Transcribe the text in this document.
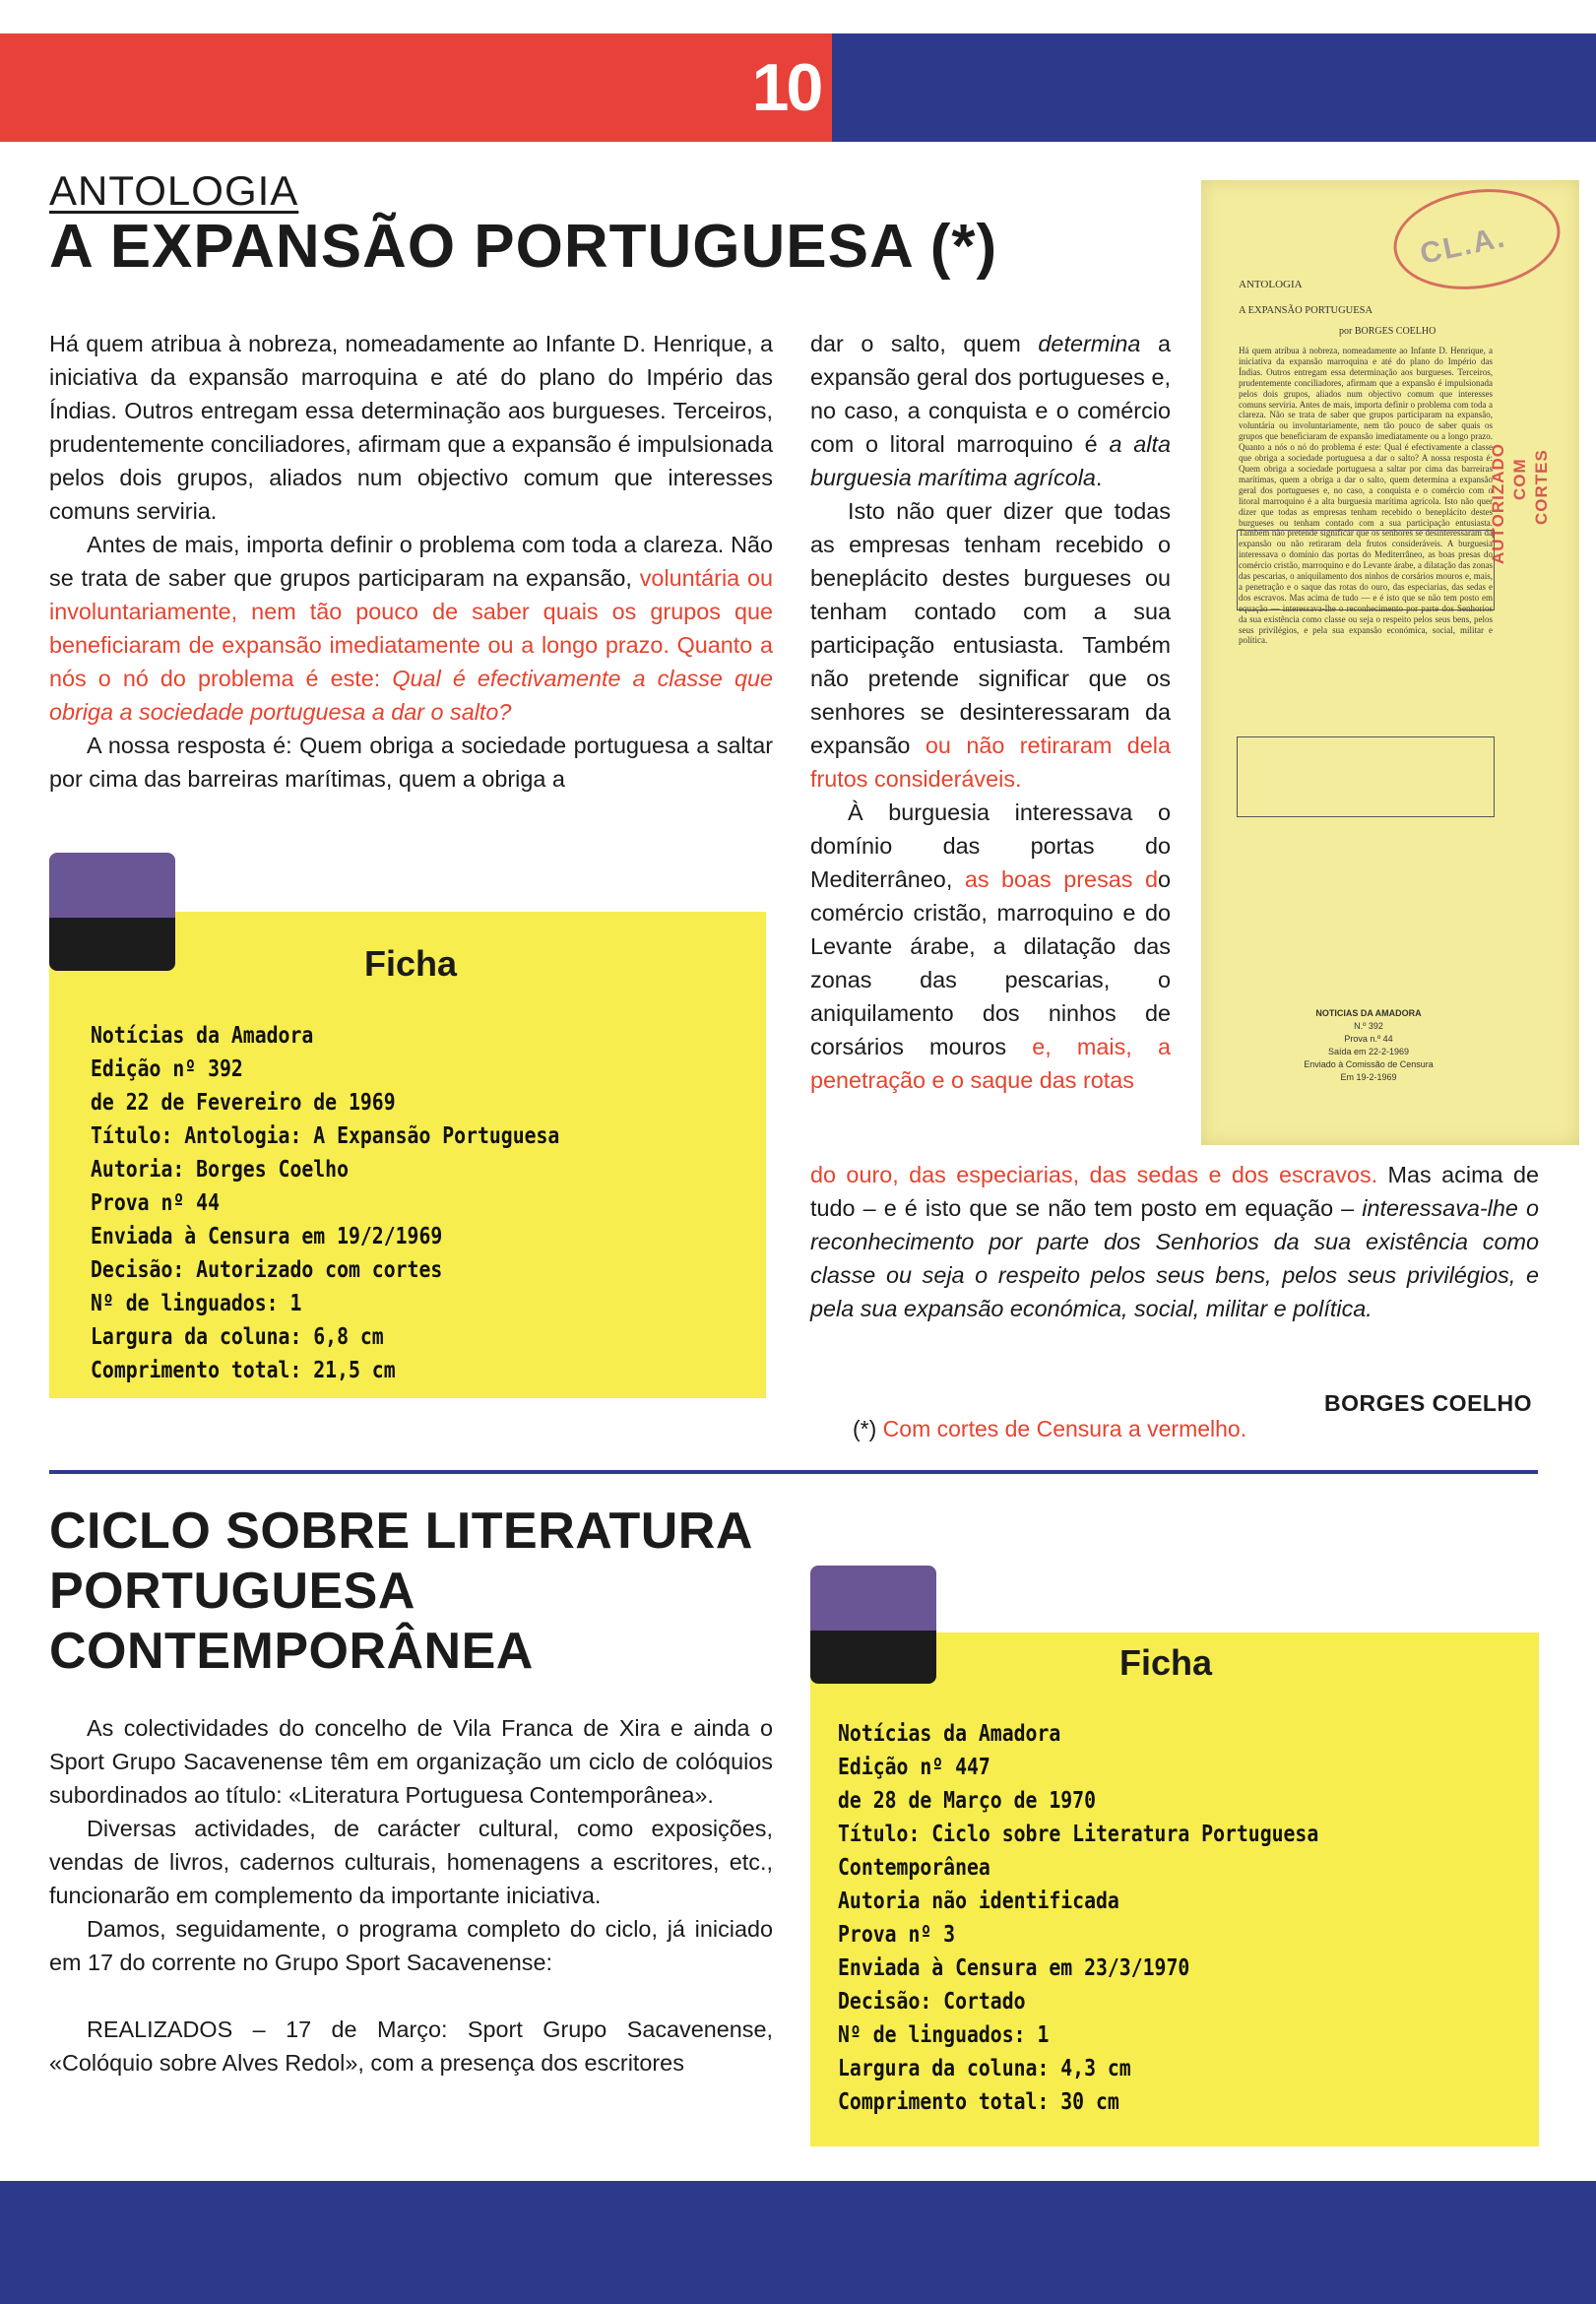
10
ANTOLOGIA
A EXPANSÃO PORTUGUESA (*)

Há quem atribua à nobreza, nomeadamente ao Infante D. Henrique, a iniciativa da expansão marroquina e até do plano do Império das Índias. Outros entregam essa determinação aos burgueses. Terceiros, prudentemente conciliadores, afirmam que a expansão é impulsionada pelos dois grupos, aliados num objectivo comum que interesses comuns serviria.

Antes de mais, importa definir o problema com toda a clareza. Não se trata de saber que grupos participaram na expansão, voluntária ou involuntariamente, nem tão pouco de saber quais os grupos que beneficiaram de expansão imediatamente ou a longo prazo. Quanto a nós o nó do problema é este: Qual é efectivamente a classe que obriga a sociedade portuguesa a dar o salto?

A nossa resposta é: Quem obriga a sociedade portuguesa a saltar por cima das barreiras marítimas, quem a obriga a

dar o salto, quem determina a expansão geral dos portugueses e, no caso, a conquista e o comércio com o litoral marroquino é a alta burguesia marítima agrícola.

Isto não quer dizer que todas as empresas tenham recebido o beneplácito destes burgueses ou tenham contado com a sua participação entusiasta. Também não pretende significar que os senhores se desinteressaram da expansão ou não retiraram dela frutos consideráveis.

À burguesia interessava o domínio das portas do Mediterrâneo, as boas presas do comércio cristão, marroquino e do Levante árabe, a dilatação das zonas das pescarias, o aniquilamento dos ninhos de corsários mouros e, mais, a penetração e o saque das rotas

do ouro, das especiarias, das sedas e dos escravos. Mas acima de tudo – e é isto que se não tem posto em equação – interessava-lhe o reconhecimento por parte dos Senhorios da sua existência como classe ou seja o respeito pelos seus bens, pelos seus privilégios, e pela sua expansão económica, social, militar e política.

BORGES COELHO
(*) Com cortes de Censura a vermelho.
CL.A.
ANTOLOGIA
A EXPANSÃO PORTUGUESA
por BORGES COELHO
Há quem atribua à nobreza, nomeadamente ao Infante D. Henrique, a iniciativa da expansão marroquina e até do plano do Império das Índias. Outros entregam essa determinação aos burgueses. Terceiros, prudentemente conciliadores, afirmam que a expansão é impulsionada pelos dois grupos, aliados num objectivo comum que interesses comuns serviria. Antes de mais, importa definir o problema com toda a clareza. Não se trata de saber que grupos participaram na expansão, voluntária ou involuntariamente, nem tão pouco de saber quais os grupos que beneficiaram de expansão imediatamente ou a longo prazo. Quanto a nós o nó do problema é este: Qual é efectivamente a classe que obriga a sociedade portuguesa a dar o salto? A nossa resposta é: Quem obriga a sociedade portuguesa a saltar por cima das barreiras marítimas, quem a obriga a dar o salto, quem determina a expansão geral dos portugueses e, no caso, a conquista e o comércio com o litoral marroquino é a alta burguesia marítima agrícola. Isto não quer dizer que todas as empresas tenham recebido o beneplácito destes burgueses ou tenham contado com a sua participação entusiasta. Também não pretende significar que os senhores se desinteressaram da expansão ou não retiraram dela frutos consideráveis. A burguesia interessava o domínio das portas do Mediterrâneo, as boas presas do comércio cristão, marroquino e do Levante árabe, a dilatação das zonas das pescarias, o aniquilamento dos ninhos de corsários mouros e, mais, a penetração e o saque das rotas do ouro, das especiarias, das sedas e dos escravos. Mas acima de tudo — e é isto que se não tem posto em equação — interessava-lhe o reconhecimento por parte dos Senhorios da sua existência como classe ou seja o respeito pelos seus bens, pelos seus privilégios, e pela sua expansão económica, social, militar e política.
AUTORIZADO COM CORTES
NOTICIAS DA AMADORA
N.º 392
Prova n.º 44
Saída em 22-2-1969
Enviado à Comissão de Censura
Em 19-2-1969
Ficha
Notícias da Amadora
Edição nº 392
de 22 de Fevereiro de 1969
Título: Antologia: A Expansão Portuguesa
Autoria: Borges Coelho
Prova nº 44
Enviada à Censura em 19/2/1969
Decisão: Autorizado com cortes
Nº de linguados: 1
Largura da coluna: 6,8 cm
Comprimento total: 21,5 cm
CICLO SOBRE LITERATURA
PORTUGUESA
CONTEMPORÂNEA

As colectividades do concelho de Vila Franca de Xira e ainda o Sport Grupo Sacavenense têm em organização um ciclo de colóquios subordinados ao título: «Literatura Portuguesa Contemporânea».

Diversas actividades, de carácter cultural, como exposições, vendas de livros, cadernos culturais, homenagens a escritores, etc., funcionarão em complemento da importante iniciativa.

Damos, seguidamente, o programa completo do ciclo, já iniciado em 17 do corrente no Grupo Sport Sacavenense:

REALIZADOS – 17 de Março: Sport Grupo Sacavenense, «Colóquio sobre Alves Redol», com a presença dos escritores

Ficha
Notícias da Amadora
Edição nº 447
de 28 de Março de 1970
Título: Ciclo sobre Literatura Portuguesa
Contemporânea
Autoria não identificada
Prova nº 3
Enviada à Censura em 23/3/1970
Decisão: Cortado
Nº de linguados: 1
Largura da coluna: 4,3 cm
Comprimento total: 30 cm
